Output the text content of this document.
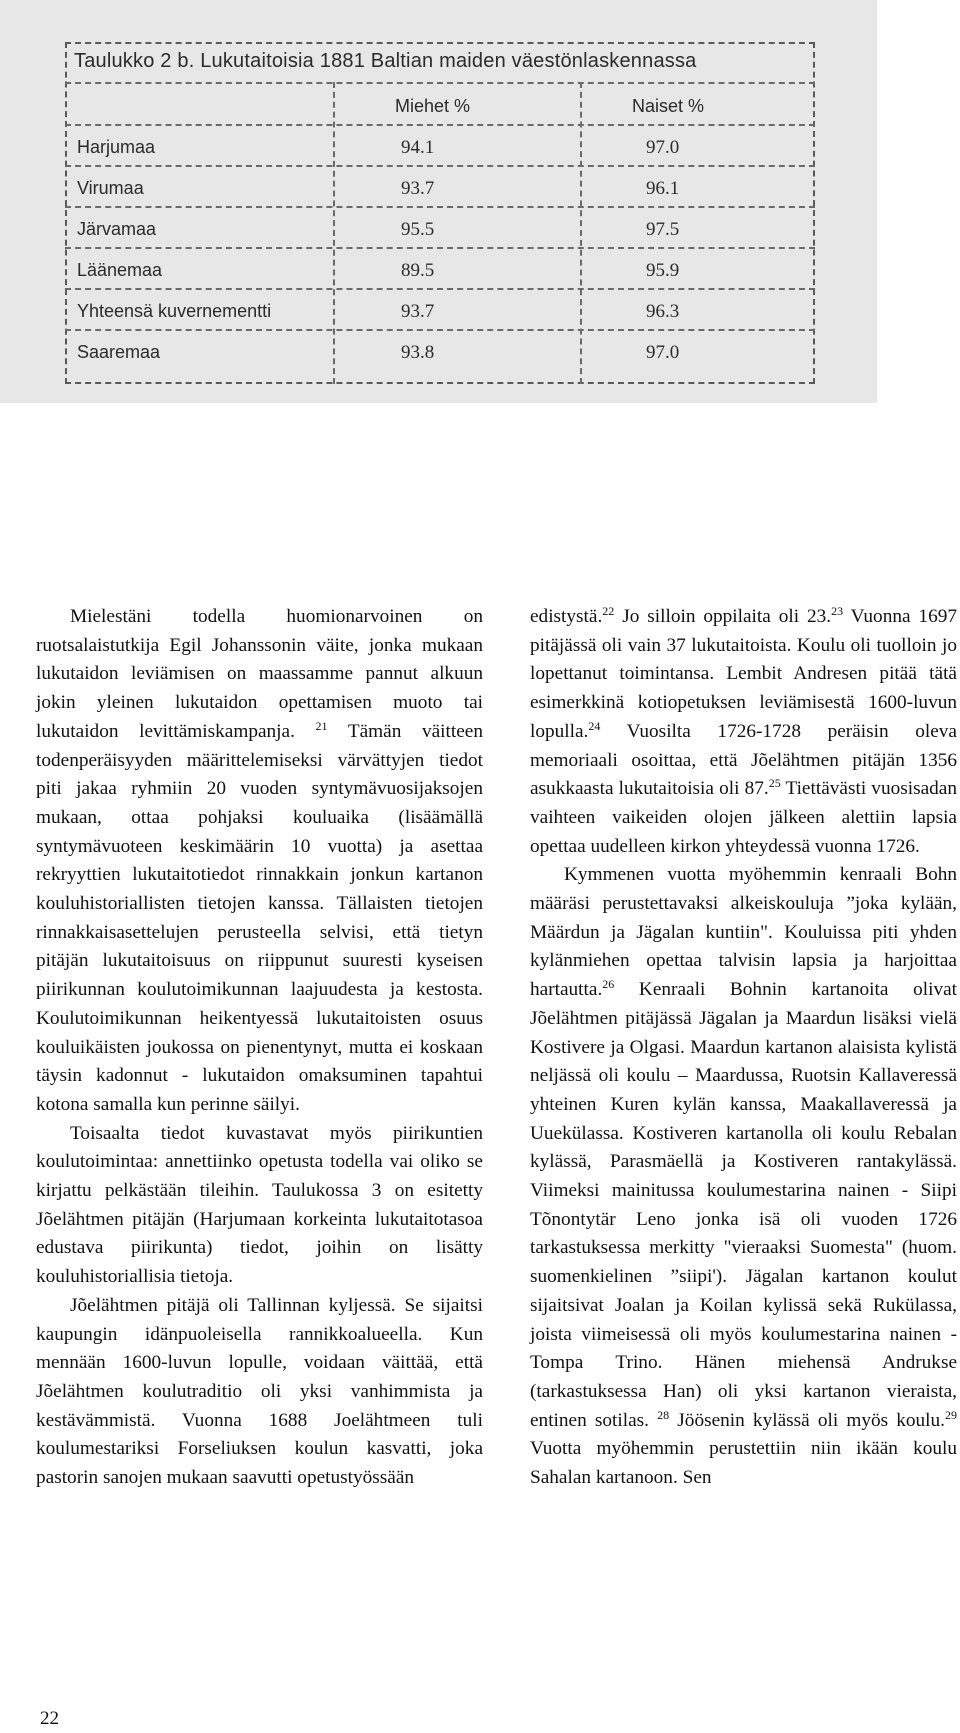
Taulukko 2 b. Lukutaitoisia 1881 Baltian maiden väestönlaskennassa
Miehet %	Naiset %
Harjumaa	94.1	97.0
Virumaa	93.7	96.1
Järvamaa	95.5	97.5
Läänemaa	89.5	95.9
Yhteensä kuvernementti	93.7	96.3
Saaremaa	93.8	97.0

Mielestäni todella huomionarvoinen on ruotsalaistutkija Egil Johanssonin väite, jonka mukaan lukutaidon leviämisen on maassamme pannut alkuun jokin yleinen lukutaidon opettamisen muoto tai lukutaidon levittämiskampanja. $^{21}$ Tämän väitteen todenperäisyyden määrittelemiseksi värvättyjen tiedot piti jakaa ryhmiin 20 vuoden syntymävuosijaksojen mukaan, ottaa pohjaksi kouluaika (lisäämällä syntymävuoteen keskimäärin 10 vuotta) ja asettaa rekryyttien lukutaitotiedot rinnakkain jonkun kartanon kouluhistoriallisten tietojen kanssa. Tällaisten tietojen rinnakkaisasettelujen perusteella selvisi, että tietyn pitäjän lukutaitoisuus on riippunut suuresti kyseisen piirikunnan koulutoimikunnan laajuudesta ja kestosta. Koulutoimikunnan heikentyessä lukutaitoisten osuus kouluikäisten joukossa on pienentynyt, mutta ei koskaan täysin kadonnut - lukutaidon omaksuminen tapahtui kotona samalla kun perinne säilyi.

Toisaalta tiedot kuvastavat myös piirikuntien koulutoimintaa: annettiinko opetusta todella vai oliko se kirjattu pelkästään tileihin. Taulukossa 3 on esitetty Jõelähtmen pitäjän (Harjumaan korkeinta lukutaitotasoa edustava piirikunta) tiedot, joihin on lisätty kouluhistoriallisia tietoja.

Jõelähtmen pitäjä oli Tallinnan kyljessä. Se sijaitsi kaupungin idänpuoleisella rannikkoalueella. Kun mennään 1600-luvun lopulle, voidaan väittää, että Jõelähtmen koulutraditio oli yksi vanhimmista ja kestävämmistä. Vuonna 1688 Joelähtmeen tuli koulumestariksi Forseliuksen koulun kasvatti, joka pastorin sanojen mukaan saavutti opetustyössään

edistystä.$^{22}$ Jo silloin oppilaita oli 23.23 Vuonna 1697 pitäjässä oli vain 37 lukutaitoista. Koulu oli tuolloin jo lopettanut toimintansa. Lembit Andresen pitää tätä esimerkkinä kotiopetuksen leviämisestä 1600-luvun lopulla.$^{24}$ Vuosilta 1726-1728 peräisin oleva memoriaali osoittaa, että Jõelähtmen pitäjän 1356 asukkaasta lukutaitoisia oli 87.25 Tiettävästi vuosisadan vaihteen vaikeiden olojen jälkeen alettiin lapsia opettaa uudelleen kirkon yhteydessä vuonna 1726.

Kymmenen vuotta myöhemmin kenraali Bohn määräsi perustettavaksi alkeiskouluja ”joka kylään, Määrdun ja Jägalan kuntiin". Kouluissa piti yhden kylänmiehen opettaa talvisin lapsia ja harjoittaa hartautta.$^{26}$ Kenraali Bohnin kartanoita olivat Jõelähtmen pitäjässä Jägalan ja Maardun lisäksi vielä Kostivere ja Olgasi. Maardun kartanon alaisista kylistä neljässä oli koulu – Maardussa, Ruotsin Kallaveressä yhteinen Kuren kylän kanssa, Maakallaveressä ja Uuekülassa. Kostiveren kartanolla oli koulu Rebalan kylässä, Parasmäellä ja Kostiveren rantakylässä. Viimeksi mainitussa koulumestarina nainen - Siipi Tõnontytär Leno jonka isä oli vuoden 1726 tarkastuksessa merkitty "vieraaksi Suomesta" (huom. suomenkielinen ”siipi'). Jägalan kartanon koulut sijaitsivat Joalan ja Koilan kylissä sekä Rukülassa, joista viimeisessä oli myös koulumestarina nainen - Tompa Trino. Hänen miehensä Andrukse (tarkastuksessa Han) oli yksi kartanon vieraista, entinen sotilas. $^{28}$ Jöösenin kylässä oli myös koulu.$^{29}$ Vuotta myöhemmin perustettiin niin ikään koulu Sahalan kartanoon. Sen

22
